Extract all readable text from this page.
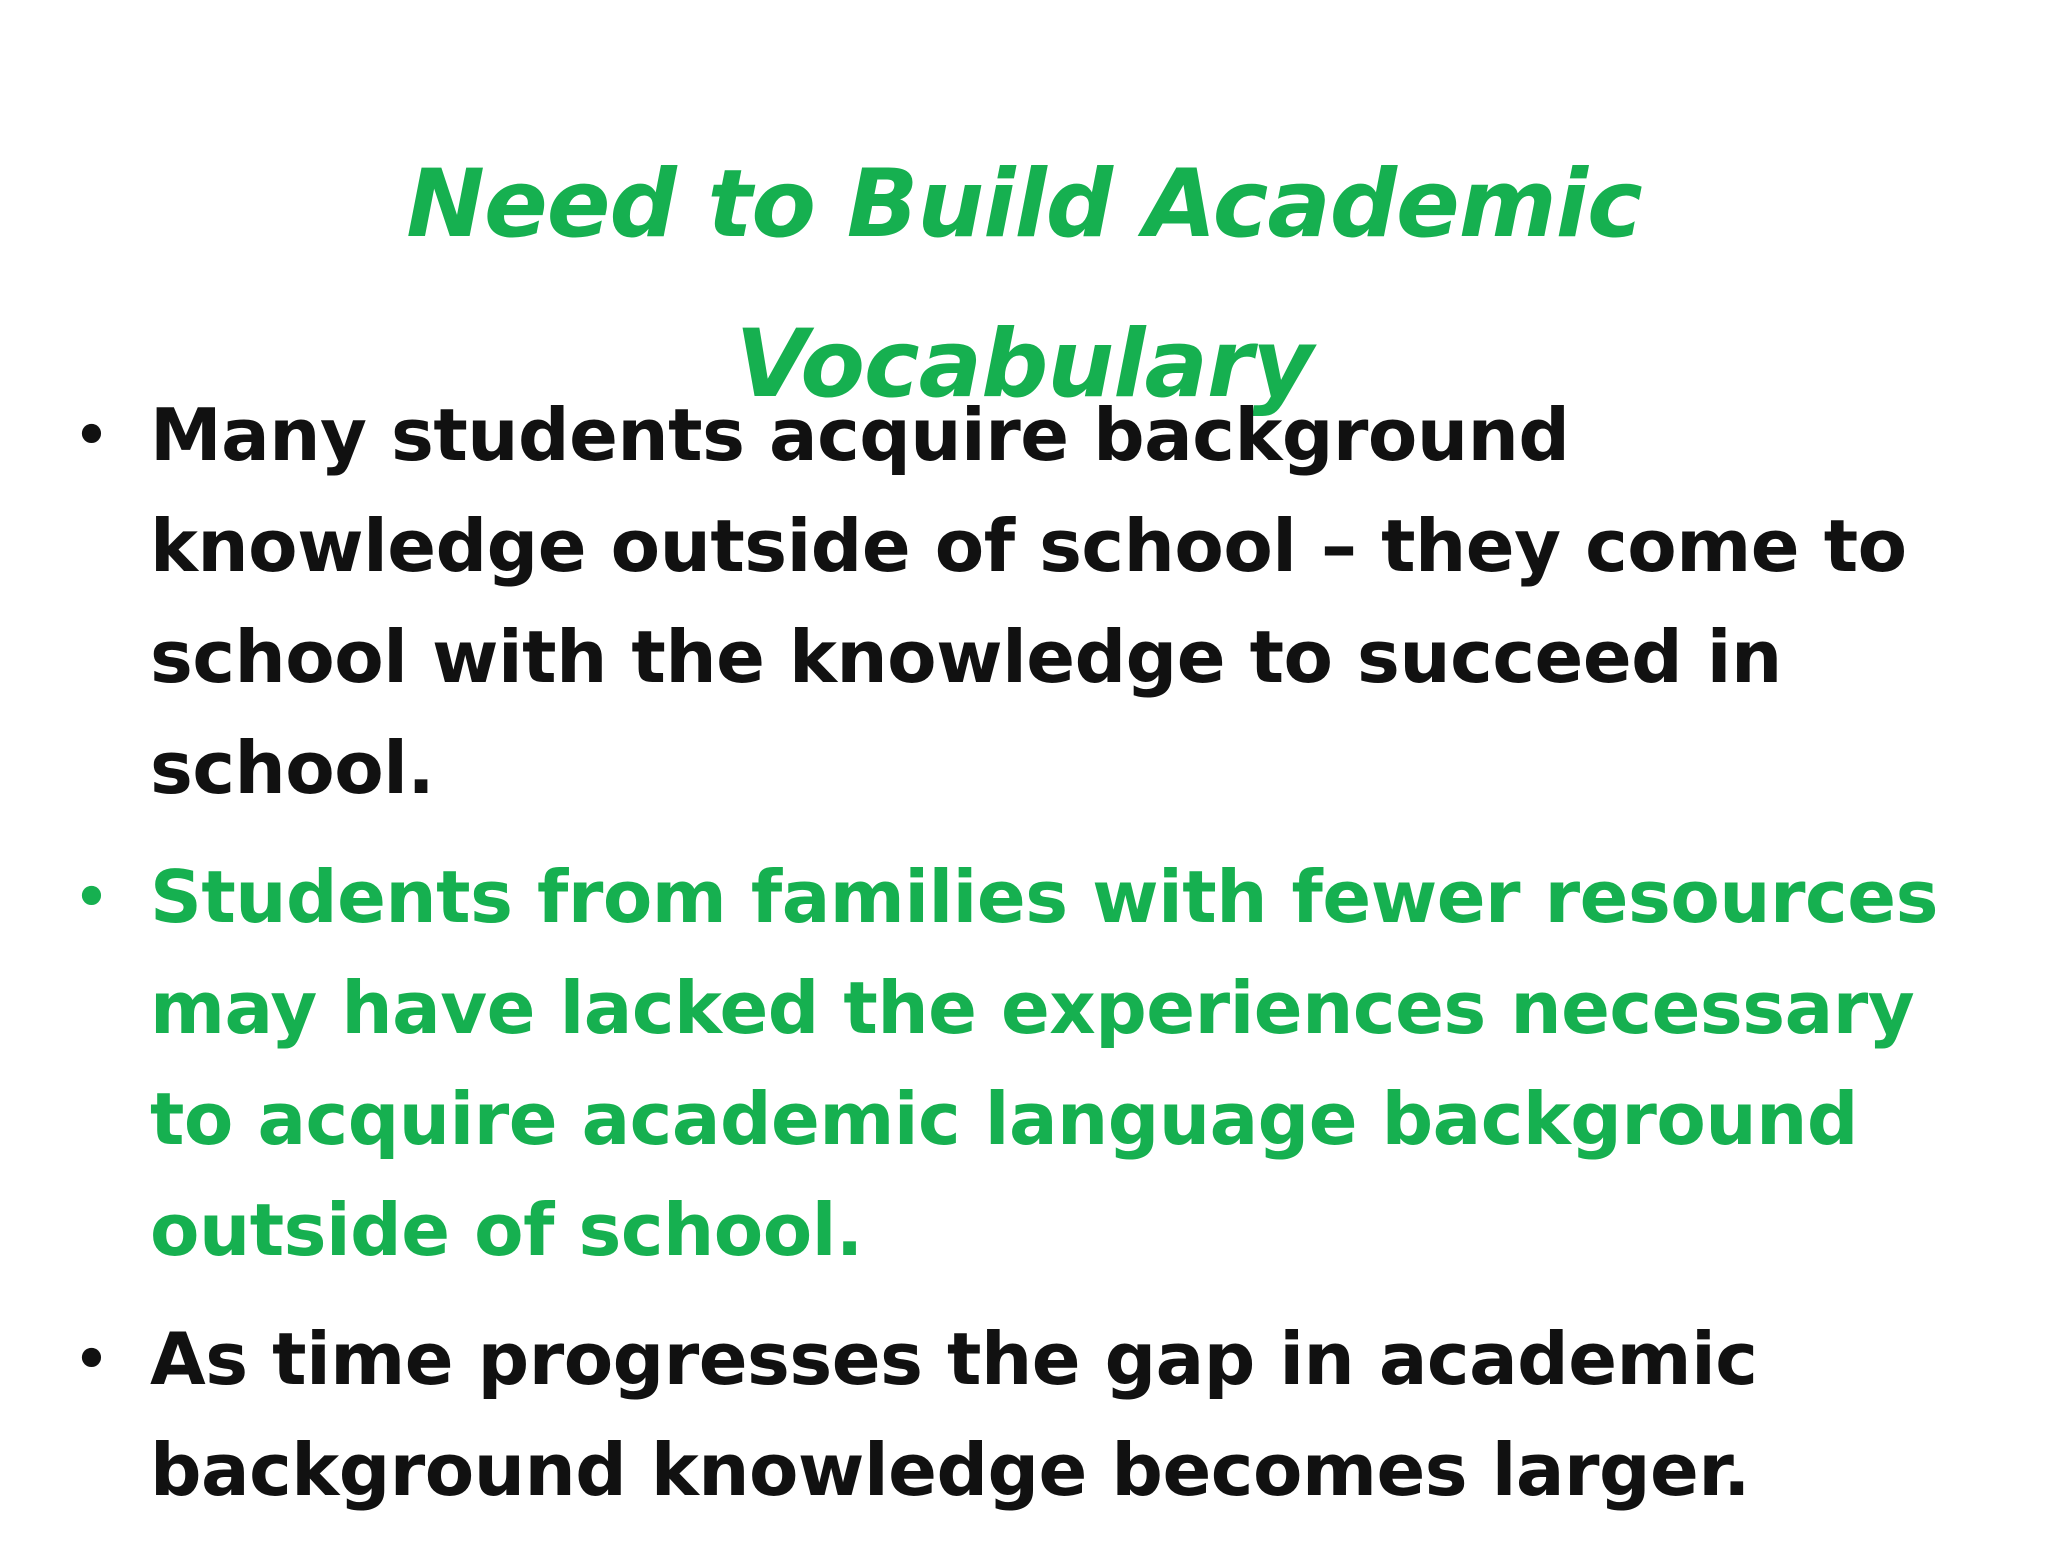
Need to Build Academic
Vocabulary
• Many students acquire background knowledge outside of school – they come to school with the knowledge to succeed in school.
• Students from families with fewer resources may have lacked the experiences necessary to acquire academic language background outside of school.
• As time progresses the gap in academic background knowledge becomes larger.
